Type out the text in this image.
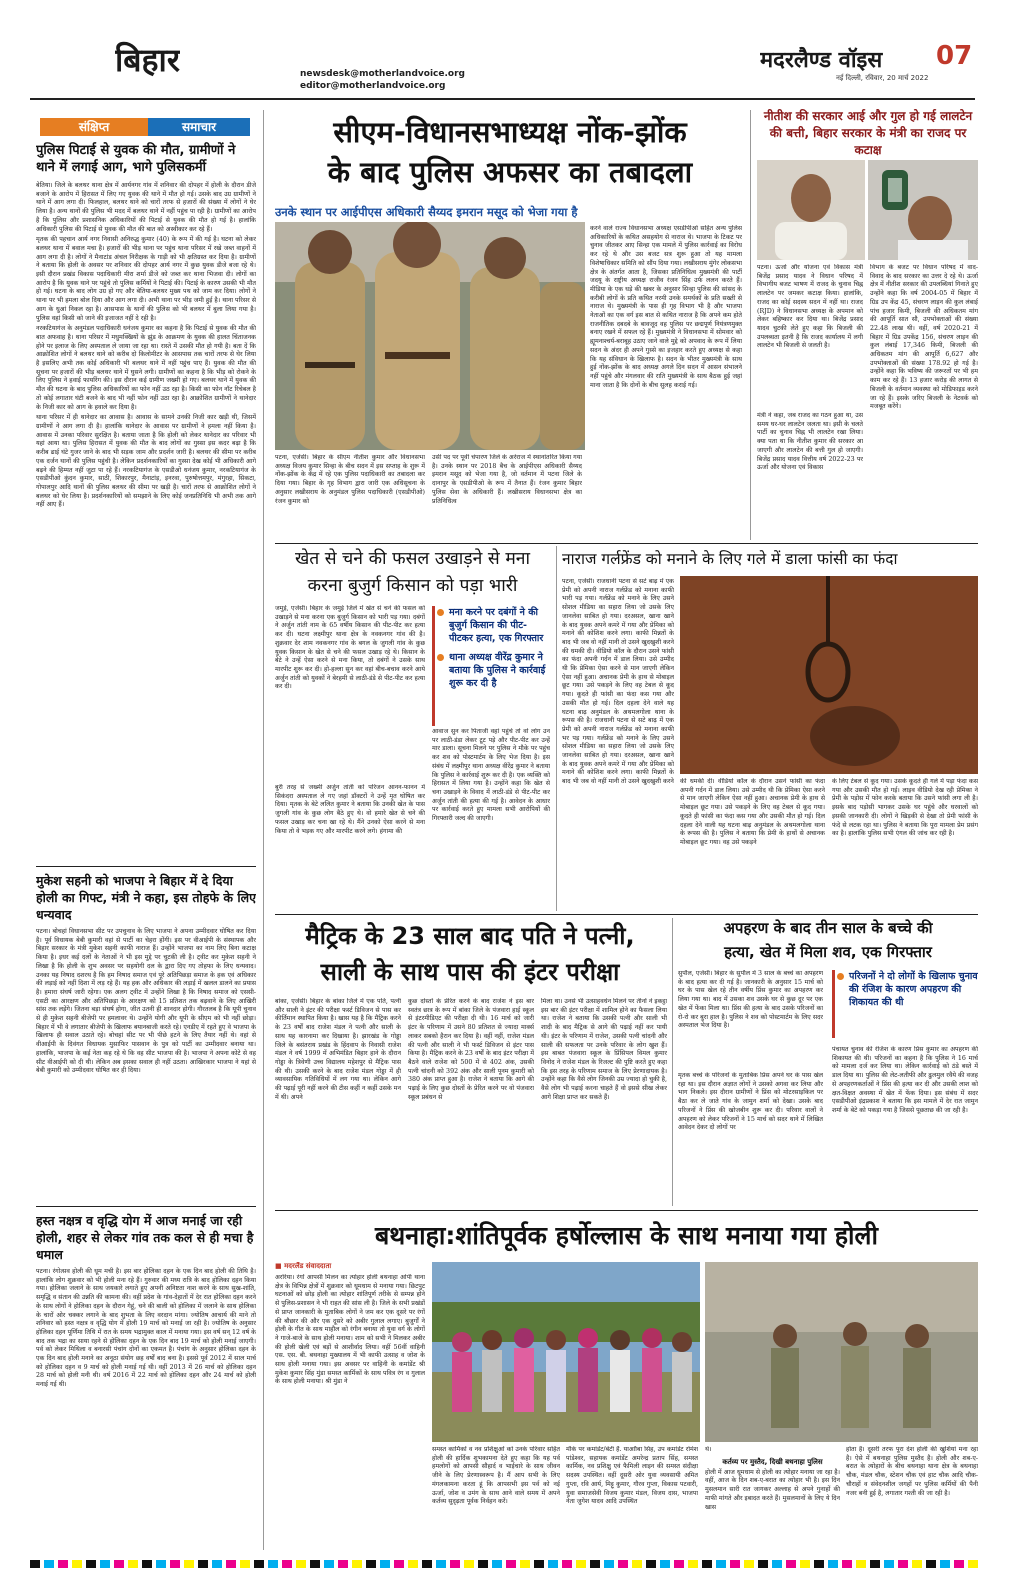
बिहार	newsdesk@motherlandvoice.org
editor@motherlandvoice.org
मदरलैण्ड वॉइस 07
नई दिल्ली, रविवार, 20 मार्च 2022
संक्षिप्त	समाचार
पुलिस पिटाई से युवक की मौत, ग्रामीणों ने थाने में लगाई आग, भागे पुलिसकर्मी

बेतिया। जिले के बलथर थाना क्षेत्र में आर्यनगर गांव में शनिवार की दोपहर में होली के दौरान डीजे बजाने के आरोप में हिरासत में लिए गए युवक की थाने में मौत हो गई। उसके बाद उग्र ग्रामीणों ने थाने में आग लगा दी। फिलहाल, बलथर थाने को चारों तरफ से हजारों की संख्या में लोगों ने घेर लिया है। अन्य थानों की पुलिस भी मदद में बलथर थाने में नहीं पहुंच पा रही है। ग्रामीणों का आरोप है कि पुलिस और प्रशासनिक अधिकारियों की पिटाई से युवक की मौत हो गई है। हालांकि अधिकारी पुलिस की पिटाई से युवक की मौत की बात को अस्वीकार कर रहे हैं।

मृतक की पहचान आर्य नगर निवासी अनिरुद्ध कुमार (40) के रूप में की गई है। घटना को लेकर बलथर थाना में बवाल मचा है। हजारों की भीड़ थाना पर पहुंच थाना परिसर में रखे जब्त वाहनों में आग लगा दी है। लोगों ने मैनाटांड अंचल निरीक्षक के गाड़ी को भी क्षतिग्रस्त कर दिया है। ग्रामीणों ने बताया कि होली के अवसर पर शनिवार की दोपहर आर्य नगर में कुछ युवक डीजे बजा रहे थे। इसी दौरान प्रखंड विकास पदाधिकारी मीरा शर्मा डीजे को जब्त कर थाना भिजवा दी। लोगों का आरोप है कि युवक थाने पर पहुंचे तो पुलिस कर्मियों ने पिटाई की। पिटाई के कारण उसकी भी मौत हो गई। घटना के बाद लोग उग्र हो गए और बेतिया-बलथर मुख्य पथ को जाम कर दिया। लोगों ने थाना पर भी हमला बोल दिया और आग लगा दी। अभी थाना पर भीड़ जमी हुई है। थाना परिसर से आग के धुआं निकल रहा है। आसपास के थानों की पुलिस को भी बलथर में बुला लिया गया है। पुलिस वहां किसी को जाने की इजाजत नहीं दे रही है।

नरकटियागंज के अनुमंडल पदाधिकारी धनंजय कुमार का कहना है कि पिटाई से युवक की मौत की बात अफवाह है। थाना परिसर में मधुमक्खियों के झुंड के आक्रमण के युवक की हालत चिंताजनक होने पर इलाज के लिए अस्पताल ले जाया जा रहा था। रास्ते में उसकी मौत हो गयी है। बता दें कि आक्रोशित लोगों ने बलथर थाने को करीब दो किलोमीटर के आसपास तक चारों तरफ से घेर लिया है इसलिए अभी तक कोई अधिकारी भी बलथर थाने में नहीं पहुंच पाए हैं। युवक की मौत की सूचना पर हजारों की भीड़ बलथर थाने में घुसने लगी। ग्रामीणों का कहना है कि भीड़ को रोकने के लिए पुलिस ने हवाई फायरिंग की। इस दौरान कई ग्रामीण जख्मी हो गए। बलथर थाने में युवक की मौत की घटना के बाद पुलिस अधिकारियों का फोन नहीं उठ रहा है। किसी का फोन नॉट रिचेबल है तो कोई लगातार घंटी बजने के बाद भी नहीं फोन नहीं उठा रहा है। आक्रोशित ग्रामीणों ने थानेदार के निजी कार को आग के हवाले कर दिया है।

थाना परिसर में ही थानेदार का आवास है। आवास के सामने उनकी निजी कार खड़ी थी, जिसमें ग्रामीणों ने आग लगा दी है। हालांकि थानेदार के आवास पर ग्रामीणों ने हमला नहीं किया है। आवास में उनका परिवार सुरक्षित है। बताया जाता है कि होली को लेकर थानेदार का परिवार भी यहां आया था। पुलिस हिरासत में युवक की मौत के बाद लोगों का गुस्सा इस कदर बढ़ा है कि करीब ढाई घंटे गुजर जाने के बाद भी सड़क जाम और प्रदर्शन जारी है। बलथर की सीमा पर करीब एक दर्जन थानों की पुलिस पहुंची है। लेकिन प्रदर्शनकारियों का गुस्सा देख कोई भी अधिकारी आगे बढ़ने की हिम्मत नहीं जुटा पा रहे हैं। नरकटियागंज के एसडीओ धनंजय कुमार, नरकटियागंज के एसडीपीओ कुंदन कुमार, साठी, शिकारपुर, मैनाटांड़, इनरवा, पुरुषोत्तमपुर, मंगुरहा, सिकटा, गोपालपुर आदि थानों की पुलिस बलथर की सीमा पर खड़ी है। चारों तरफ से आक्रोशित लोगों ने बलथर को घेर लिया है। प्रदर्शनकारियों को समझाने के लिए कोई जनप्रतिनिधि भी अभी तक आगे नहीं आए हैं।

मुकेश सहनी को भाजपा ने बिहार में दे दिया होली का गिफ्ट, मंत्री ने कहा, इस तोहफे के लिए धन्यवाद

पटना। बोचहां विधानसभा सीट पर उपचुनाव के लिए भाजपा ने अपना उम्मीदवार घोषित कर दिया है। पूर्व विधायक बेबी कुमारी वहां से पार्टी का चेहरा होंगी। इस पर वीआईपी के संस्थापक और बिहार सरकार के मंत्री मुकेश सहनी काफी नाराज हैं। उन्होंने भाजपा का नाम लिए बिना कटाक्ष किया है। इधर कई दलों के नेताओं ने भी इस मुद्दे पर चुटकी ली है। ट्वीट कर मुकेश सहनी ने लिखा है कि होली के शुभ अवसर पर सहयोगी दल के द्वारा दिए गए तोहफा के लिए धन्यवाद। उनका यह निषाद दशरथ है कि हम निषाद समाज एवं पूरे अतिपिछड़ा समाज के हक एवं अधिकार की लड़ाई को नहीं दिशा में लड़ रहे हैं। यह हक और अधिकार की लड़ाई में खलल डालने का प्रयास है। हमारा संघर्ष जारी रहेगा। एक अलग ट्वीट में उन्होंने लिखा है कि निषाद समाज को एससी-एसटी का आरक्षण और अतिपिछड़ा के आरक्षण को 15 प्रतिशत तक बढ़वाने के लिए आखिरी सांस तक लड़ेंगे। जितना बड़ा संघर्ष होगा, जीत उतनी ही शानदार होगी। गौरतलब है कि यूपी चुनाव से ही मुकेश सहनी बीजेपी पर हमलावर थे। उन्होंने योगी और यूपी के सीएम को भी नहीं छोड़ा। बिहार में भी वे लगातार बीजेपी के खिलाफ बयानबाजी करते रहे। एनडीए में रहते हुए वे भाजपा के खिलाफ ही सवाल उठाते रहे। बोचहां सीट पर भी पीछे हटने के लिए तैयार नहीं थे। वहां से वीआईपी के दिवंगत विधायक मुसाफिर पासवान के पुत्र को पार्टी का उम्मीदवार बनाया था। हालांकि, भाजपा के कई नेता कह रहे थे कि वह सीट भाजपा की है। भाजपा ने अपना कोटे से वह सीट वीआईपी को दी थी। लेकिन अब इसका सवाल ही नहीं उठता। आखिरकार भाजपा ने यहां से बेबी कुमारी को उम्मीदवार घोषित कर ही दिया।

हस्त नक्षत्र व वृद्धि योग में आज मनाई जा रही होली, शहर से लेकर गांव तक कल से ही मचा है धमाल

पटना। रंगोत्सव होली की धूम मची है। इस बार होलिका दहन के एक दिन बाद होली की तिथि है। हालांकि लोग शुक्रवार को भी होली मना रहे हैं। गुरुवार की मध्य रात्रि के बाद होलिका दहन किया गया। होलिका जलाने के साथ जयकारे लगाते हुए अपनी अनिष्टता नाश करने के साथ सुख-शांति, समृद्धि व संतान की उन्नति की कामना की। वहीं प्रदेश के गांव-देहातों में देर रात होलिका दहन करने के साथ लोगों ने होलिका दहन के दौरान गेहूं, चने की बाली को होलिका में जलाने के साथ होलिका के चारों ओर चक्कर लगाने के बाद शुभता के लिए वरदान मांगा। ज्योतिष आचार्य की माने तो शनिवार को हस्त नक्षत्र व वृद्धि योग में होली 19 मार्च को मनाई जा रही है। ज्योतिष के अनुसार होलिका दहन पूर्णिमा तिथि में रात के समय भद्रामुक्त काल में मनाया गया। इस वर्ष सन् 12 वर्ष के बाद तक भद्रा का साया रहने से होलिका दहन के एक दिन बाद 19 मार्च को होली मनाई जाएगी। पर्व को लेकर मिथिला व बनारसी पंचांग दोनों का एकमत है। पंचांग के अनुसार होलिका दहन के एक दिन बाद होली मनाने का अनूठा संयोग छह वर्षों बाद बना है। इससे पूर्व 2012 में साल मार्च को होलिका दहन व 9 मार्च को होली मनाई गई थी। वहीं 2013 में 26 मार्च को होलिका दहन 28 मार्च को होली मनी थी। वर्ष 2016 में 22 मार्च को होलिका दहन और 24 मार्च को होली मनाई गई थी।

सीएम-विधानसभाध्यक्ष नोंक-झोंक
के बाद पुलिस अफसर का तबादला
उनके स्थान पर आईपीएस अधिकारी सैय्यद इमरान मसूद को भेजा गया है
पटना, एजेंसी। बिहार के सीएम नीतीश कुमार और विधानसभा अध्यक्ष विजय कुमार सिन्हा के बीच सदन में इस सप्ताह के शुरू में नोंक-झोंक के केंद्र में रहे एक पुलिस पदाधिकारी का तबादला कर दिया गया। बिहार के गृह विभाग द्वारा जारी एक अधिसूचना के अनुसार लखीसराय के अनुमंडल पुलिस पदाधिकारी (एसडीपीओ) रंजन कुमार को
उसी पद पर पूर्वी चंपारण जिले के अरेराज में स्थानांतरित किया गया है। उनके स्थान पर 2018 बैच के आईपीएस अधिकारी सैय्यद इमरान मसूद को भेजा गया है, जो वर्तमान में पटना जिले के दानापुर के एसडीपीओ के रूप में तैनात हैं। रंजन कुमार बिहार पुलिस सेवा के अधिकारी हैं। लखीसराय विधानसभा क्षेत्र का प्रतिनिधित्व
करने वाले राज्य विधानसभा अध्यक्ष एसडीपीओ सहित अन्य पुलिस अधिकारियों के कथित असहयोग से नाराज थे। भाजपा के टिकट पर चुनाव जीतकर आए सिन्हा एक मामले में पुलिस कार्रवाई का विरोध कर रहे थे और उस बजट सत्र शुरू हुआ तो यह मामला विशेषाधिकार समिति को सौंप दिया गया। लखीसराय मुंगेर लोकसभा क्षेत्र के अंतर्गत आता है, जिसका प्रतिनिधित्व मुख्यमंत्री की पार्टी जदयू के राष्ट्रीय अध्यक्ष राजीव रंजन सिंह उर्फ ललन करते हैं। मीडिया के एक धड़े की खबर के अनुसार सिन्हा पुलिस की सांसद के करीबी लोगों के प्रति कथित नरमी उनके समर्थकों के प्रति सख्ती से नाराज थे। मुख्यमंत्री के पास ही गृह विभाग भी है और भाजपा नेताओं का एक वर्ग इस बात से कथित नाराज है कि अपने कम होते राजनीतिक दबदबे के बावजूद वह पुलिस पर छद्मपूर्ण नियंत्रणमुक्त बनाए रखने में सफल रहे हैं। मुख्यमंत्री ने विधानसभा में सोमवार को ह्यूमनाश्चर्य-बराबूह उठाए जाने वाले मुद्दे को अपवाद के रूप में लिया सदन के अंदर ही अपने गुस्से का इजहार करते हुए अध्यक्ष से कहा कि यह संविधान के खिलाफ है। सदन के भीतर मुख्यमंत्री के साथ हुई नोंक-झोंक के बाद अध्यक्ष अगले दिन सदन में आसन संभालने नहीं पहुंचे और मंगलवार की राति मुख्यमंत्री के साथ बैठक हुई जहां माना जाता है कि दोनों के बीच सुलह कराई गई।
नीतीश की सरकार आई और गुल हो गई लालटेन की बत्ती, बिहार सरकार के मंत्री का राजद पर कटाक्ष
पटना। ऊर्जा और योजना एवं विकास मंत्री बिजेंद्र प्रसाद यादव ने विधान परिषद में विभागीय बजट भाषण में राजद के चुनाव चिह्न लालटेन पर जमकर कटाक्ष किया। हालांकि, राजद का कोई सदस्य सदन में नहीं था। राजद (RJD) ने विधानसभा अध्यक्ष के अपमान को लेकर बहिष्कार कर दिया था। बिजेंद्र प्रसाद यादव चुटकी लेते हुए कहा कि बिजली की उपलब्धता इतनी है कि राजद कार्यालय में लगी लालटेन भी बिजली से जलती है।
मंत्री ने कहा, जब राजद का गठन हुआ था, उस समय घर-घर लालटेन जलता था। इसी के चलते पार्टी का चुनाव चिह्न भी लालटेन रखा लिया। क्या पता था कि नीतीश कुमार की सरकार आ जाएगी और लालटेन की बत्ती गुल हो जाएगी। बिजेंद्र प्रसाद यादव वित्तीय वर्ष 2022-23 पर ऊर्जा और योजना एवं विकास
विभाग के बजट पर विधान परिषद में वाद-विवाद के बाद सरकार का उत्तर दे रहे थे। ऊर्जा क्षेत्र में नीतीश सरकार की उपलब्धियां गिनाते हुए उन्होंने कहा कि वर्ष 2004-05 में बिहार में ग्रिड उप केंद्र 45, संचरण लाइन की कुल लंबाई पांच हजार किमी, बिजली की अधिकतम मांग की आपूर्ति सात सौ, उपभोक्ताओं की संख्या 22.48 लाख थी। वहीं, वर्ष 2020-21 में बिहार में ग्रिड उपकेंद्र 156, संचरण लाइन की कुल लंबाई 17,346 किमी, बिजली की अधिकतम मांग की आपूर्ति 6,627 और उपभोक्ताओं की संख्या 178.92 हो गई है। उन्होंने कहा कि भविष्य की जरूरतों पर भी हम काम कर रहे हैं। 13 हजार करोड़ की लागत से बिजली के वर्तमान व्यवस्था को मोडिफाइड करने जा रहे हैं। इसके जरिए बिजली के नेटवर्क को मजबूत करेंगे।
खेत से चने की फसल उखाड़ने से मना करना बुजुर्ग किसान को पड़ा भारी
मना करने पर दबंगों ने की बुजुर्ग किसान की पीट-पीटकर हत्या, एक गिरफ्तार
थाना अध्यक्ष वीरेंद्र कुमार ने बताया कि पुलिस ने कार्रवाई शुरू कर दी है
जमुई, एजेंसी। बिहार के जमुई जिले में खेत से चने की फसल को उखाड़ने से मना करना एक बुजुर्ग किसान को भारी पड़ गया। दबंगों ने अर्जुन तांती नाम के 65 वर्षीय किसान की पीट-पीट कर हत्या कर दी। घटना लक्ष्मीपुर थाना क्षेत्र के नवकनगर गांव की है। शुक्रवार देर शाम नवकनगर गांव के बगल के जुगली गांव के कुछ युवक किसान के खेत से चने की फसल उखाड़ रहे थे। किसान के बेटे ने उन्हें ऐसा करने से मना किया, तो दबंगों ने उसके साथ मारपीट शुरू कर दी। हो-हल्ला सुन कर वहां बीच-बचाव करने आये अर्जुन तांती को युवकों ने बेरहमी से लाठी-डंडे से पीट-पीट कर हत्या कर दी।
बुरी तरह से जख्मी अर्जुन तांती को परिजन आनन-फानन में सिकंदरा अस्पताल ले गए जहां डॉक्टरों ने उन्हें मृत घोषित कर दिया। मृतक के बेटे ललित कुमार ने बताया कि उनकी खेत के पास जुगली गांव के कुछ लोग बैठे हुए थे। वो हमारे खेत से चने की फसल उखाड़ कर चना खा रहे थे। मैंने उनको ऐसा करने से मना किया तो वे भड़क गए और मारपीट करने लगे। हंगामा की
आवाज सुन कर पिताजी वहां पहुंचे तो वो लोग उन पर लाठी-डंडा लेकर टूट पड़े और पीट-पीट कर उन्हें मार डाला। सूचना मिलने पर पुलिस ने मौके पर पहुंच कर शव को पोस्टमार्टम के लिए भेज दिया है। इस संबंध में लक्ष्मीपुर थाना अध्यक्ष वीरेंद्र कुमार ने बताया कि पुलिस ने कार्रवाई शुरू कर दी है। एक व्यक्ति को हिरासत में लिया गया है। उन्होंने कहा कि खेत से चना उखाड़ने के विवाद में लाठी-डंडे से पीट-पीट कर अर्जुन तांती की हत्या की गई है। आवेदन के आधार पर कार्रवाई करते हुए मामला सभी आरोपियों की गिरफ्तारी जल्द की जाएगी।
नाराज गर्लफ्रेंड को मनाने के लिए गले में डाला फांसी का फंदा
पटना, एजेंसी। राजधानी पटना से सटे बाढ़ में एक प्रेमी को अपनी नाराज गर्लफ्रेंड को मनाना काफी भारी पड़ गया। गर्लफ्रेंड को मनाने के लिए उसने सोशल मीडिया का सहारा लिया जो उसके लिए जानलेवा साबित हो गया। दरअसल, खाना खाने के बाद युवक अपने कमरे में गया और प्रेमिका को मनाने की कोशिश करने लगा। काफी मिन्नतों के बाद भी जब वो नहीं मानी तो उसने खुदखुशी करने की धमकी दी। वीडियो कॉल के दौरान उसने फांसी का फंदा अपनी गर्दन में डाल लिया। उसे उम्मीद थी कि प्रेमिका ऐसा करने से मान जाएगी लेकिन ऐसा नहीं हुआ। अचानक प्रेमी के हाथ से मोबाइल छूट गया। उसे पकड़ने के लिए वह टेबल से कूद गया। कूदते ही फांसी का फंदा कस गया और उसकी मौत हो गई। दिल दहला देने वाले यह घटना बाढ़ अनुमंडल के अथमलगोला थाना के रूपस की है। राजधानी पटना से सटे बाढ़ में एक प्रेमी को अपनी नाराज गर्लफ्रेंड को मनाना काफी भर पड़ गया। गर्लफ्रेंड को मनाने के लिए उसने सोशल मीडिया का सहारा लिया जो उसके लिए जानलेवा साबित हो गया। दरअसल, खाना खाने के बाद युवक अपने कमरे में गया और प्रेमिका को मनाने की कोशिश करने लगा। काफी मिन्नतों के बाद भी जब वो नहीं मानी तो उसने खुदखुशी करने की धमकी दी। वीडियो कॉल के दौरान उसने फांसी का फंदा अपनी गर्दन में डाल लिया। उसे उम्मीद थी कि प्रेमिका ऐसा करने से मान जाएगी लेकिन ऐसा नहीं हुआ। अचानक प्रेमी के हाथ से मोबाइल छूट गया। उसे पकड़ने के लिए वह टेबल से कूद गया। कूदते ही फांसी का फंदा कस गया और उसकी मौत हो गई। दिल दहला देने वाली यह घटना बाढ़ अनुमंडल के अथमलगोला थाना के रूपस की है। पुलिस ने बताया कि प्रेमी के हाथों से अचानक मोबाइल छूट गया। वह उसे पकड़ने
के लिए टेबल से कूद गया। उसके कूदते ही गले में पड़ा फंदा कस गया और उसकी मौत हो गई। लाइव वीडियो देख रही प्रेमिका ने प्रेमी के पड़ोस में फोन करके बताया कि उसने फांसी लगा ली है। इसके बाद पड़ोसी भागकर उसके घर पहुंचे और घरवालों को इसकी जानकारी दी। लोगों ने खिड़की से देखा तो प्रेमी फांसी के फंदे से लटक रहा था। पुलिस ने बताया कि पूरा मामला प्रेम प्रसंग का है। हालांकि पुलिस सभी एंगल की जांच कर रही है।
मैट्रिक के 23 साल बाद पति ने पत्नी,
साली के साथ पास की इंटर परीक्षा
बांका, एजेंसी। बिहार के बांका जिले में एक पति, पत्नी और साली ने इंटर की परीक्षा फर्स्ट डिविजन से पास कर कीर्तिमान स्थापित किया है। खास यह है कि मैट्रिक करने के 23 वर्षों बाद राजेश मंडल ने पत्नी और साली के साथ यह कारनामा कर दिखाया है। झारखंड के गोड्डा जिले के बसंतराय प्रखंड के हिंदवाप के निवासी राजेश मंडल ने वर्ष 1999 में अभिमंडित बिहार हाने के दौरान गोड्डा के त्रिवेणी उच्च विद्यालय महेशपुर से मैट्रिक पास की थी। उसकी करने के बाद राजेश मंडल गोड्डा में ही व्यावसायिक गतिविधियों में लग गया था। लेकिन आगे की पढ़ाई पूरी नहीं करने की टीस कहीं न कहीं उसके मन में थी। अपने
कुछ दोस्तों के प्रेरित करने के बाद राजेश ने इस बार स्वतंत्र छात्र के रूप में बांका जिले के पंजवारा हाई स्कूल से इंटरमीडिएट की परीक्षा दी थी। 16 मार्च को जारी इंटर के परिणाम में उसने 80 प्रतिशत से ज्यादा मार्क्स लाकर सबको हैरान कर दिया है। वहीं नहीं, राजेश मंडल की पत्नी और साली ने भी फर्स्ट डिविजन से इंटर पास किया है। मैट्रिक करने के 23 वर्षों के बाद इंटर परीक्षा में बैठने वाले राजेश को 500 में से 402 अंक, उसकी पत्नी चांदनी को 392 अंक और साली पूनम कुमारी को 380 अंक प्राप्त हुआ है। राजेश ने बताया कि आगे की पढ़ाई के लिए कुछ दोस्तों के प्रेरित करने पर वो पंजवारा स्कूल प्रबंधन से
मिला था। उनसे भी उत्साहवर्धन मिलने पर तीनों ने इकट्ठा इस बार की इंटर परीक्षा में शामिल होने का फैसला लिया था। राजेश ने बताया कि उसकी पत्नी और साली भी शादी के बाद मैट्रिक से आगे की पढ़ाई नहीं कर पायी थी। इंटर के परिणाम में राजेश, उसकी पत्नी चांदनी और साली की सफलता पर उनके परिवार के लोग खुश हैं। इस बाबत पंजवारा स्कूल के प्रिंसिपल विमल कुमार विनोद ने राजेश मंडल के रिजल्ट की पुष्टि करते हुए कहा कि इस तरह के परिणाम समाज के लिए प्रेरणादायक है। उन्होंने कहा कि वैसे लोग जिनकी उम्र ज्यादा हो चुकी है, वैसे लोग भी पढ़ाई करना चाहते हैं वो इससे सीख लेकर आगे शिक्षा प्राप्त कर सकते हैं।
अपहरण के बाद तीन साल के बच्चे की
हत्या, खेत में मिला शव, एक गिरफ्तार
सुपौल, एजेंसी। बिहार के सुपौल में 3 साल के बच्चे का अपहरण के बाद हत्या कर दी गई है। जानकारी के अनुसार 15 मार्च को घर के पास खेल रहे तीन वर्षीय प्रिंस कुमार का अपहरण कर लिया गया था। बाद में उसका शव उसके घर से कुछ दूर पर एक खेत में फेंका मिला था। प्रिंस की हत्या के बाद उसके परिजनों का रो-रो कर बुरा हाल है। पुलिस ने शव को पोस्टमार्टम के लिए सदर अस्पताल भेज दिया है।
मृतक बच्चे के परिजनों के मुताबिक प्रिंस अपने घर के पास खेल रहा था। इस दौरान अज्ञात लोगों ने उसको अगवा कर लिया और भाग निकले। इस दौरान ग्रामीणों ने प्रिंस को मोटरसाइकिल पर बैठा कर ले जाते गांव के जामुन शर्मा को देखा। उसके बाद परिजनों ने प्रिंस की खोजबीन शुरू कर दी। परिवार वालों ने अपहरण को लेकर परिजनों ने 15 मार्च को सदर थाने में लिखित आवेदन देकर दो लोगों पर
परिजनों ने दो लोगों के खिलाफ चुनाव की रंजिश के कारण अपहरण की शिकायत की थी
पंचायत चुनाव की रंजिश के कारण प्रिंस कुमार का अपहरण की शिकायत की थी। परिजनों का कहना है कि पुलिस ने 16 मार्च को मामला दर्ज कर लिया था। लेकिन कार्रवाई को ठंडे बस्ते में डाल दिया था। पुलिस की लेट-लतीफी और ढुलमुल रवैये की वजह से अपहरणकर्ताओं ने प्रिंस की हत्या कर दी और उसकी लाश को क्षत-विक्षत अवस्था में खेत में फेंक दिया। इस संबंध में सदर एसडीपीओ इंद्रप्रकाश ने बताया कि इस मामले में देर रात जामुन शर्मा के बेटे को पकड़ा गया है जिससे पूछताछ की जा रही है।
बथनाहा:शांतिपूर्वक हर्षोल्लास के साथ मनाया गया होली
■ मदरलैंड संवाददाता
अररिया। रंगों आपसी मिलन का त्योहार होली बथनाहा ओपी थाना क्षेत्र के विभिन्न क्षेत्रों में शुक्रवार को धूमधाम से मनाया गया। छिटपुट घटनाओं को छोड़ होली का त्योहार शांतिपूर्ण तरीके से सम्पन्न होने से पुलिस-प्रशासन ने भी राहत की सांस ली है। जिले के सभी प्रखंडों से प्राप्त जानकारी के मुताबिक लोगों ने जम कर एक दूसरे पर रंगों की बौछार की और एक दूसरे को अबीर गुलाल लगाए। बुजुर्गों ने होली के गीत के साथ माहौल को रंगीन बनाया तो युवा वर्ग के लोगों ने गाजे-बाजे के साथ होली मनाया। शाम को सभी ने मिलकर अबीर की होली खेली एवं बड़ों से आशीर्वाद लिया। वहीं 56वीं वाहिनी एस. एस. बी. बथनाहा मुख्यालय में भी काफी उत्साह व जोश के साथ होली मनाया गया। इस अवसर पर वाहिनी के कमांडेंट श्री मुकेश कुमार सिंह मुंडा समस्त कार्मिकों के साथ पवित्र रंग व गुलाल के साथ होली मनाया। श्री मुंडा ने
समस्त कार्मिकों व नव प्रशिक्षुओं को उनके परिवार सहित होली की हार्दिक शुभकामना देते हुए कहा कि यह पर्व हमलोगों को आपसी सौहार्द व भाईचारे के साथ जीवन जीने के लिए प्रेरणास्वरूप है। मैं आप सभी के लिए मंगलकामना करता हूं कि आपसभी इस पर्व को नई ऊर्जा, जोश व उमंग के साथ आने वाले समय में अपने कर्तव्य सुदृढ़ता पूर्वक निर्वहन करें।
मौके पर कमांडेंट/बेटी हैं. याआौबा सिंह, उप कमांडेंट रोमेश पांडेश्वर, सहायक कमांडेंट अमरेन्द्र प्रताप सिंह, समस्त कार्मिक, नव प्रशिक्षु एवं फैमिली लाइन की समस्त संदीक्षा सदस्य उपस्थित। वहीं दूसरी ओर युवा व्यवसायी अमित गुप्ता, रवि आर्य, मिट्टू कुमार, गौरव गुप्ता, विकास पटवारी, युवा समाजसेवी विजय कुमार मंडल, विजय दास, भाजपा नेता जुगेश यादव आदि उपस्थित
थे।
कर्तव्य पर मुस्तैद, दिखी बथनाहा पुलिस
होली में आज धूमधाम से होली का त्योहार मनाया जा रहा है। वहीं, आज के दिन शब-ए-बरात का त्योहार भी है। इस दिन मुसलमान सारी रात जागकर अल्लाह से अपने गुनाहों की माफी मांगते और इबादत करते हैं। मुसलमानों के लिए ये दिन खास
होता है। दूसरी तरफ पूरा देश होली की खुशियां मना रहा है। ऐसे में बथनाहा पुलिस मुस्तैद है। होली और शब-ए-बरात के त्योहारों के बीच बथनाहा थाना क्षेत्र के बथनाहा चौक, मंडल चौक, स्टेशन चौक एवं हाट चौक आदि चौक-चौराहों व संवेदनशील जगहों पर पुलिस कर्मियों की पैनी नजर बनी हुई है, लगातार गश्ती की जा रही है।
